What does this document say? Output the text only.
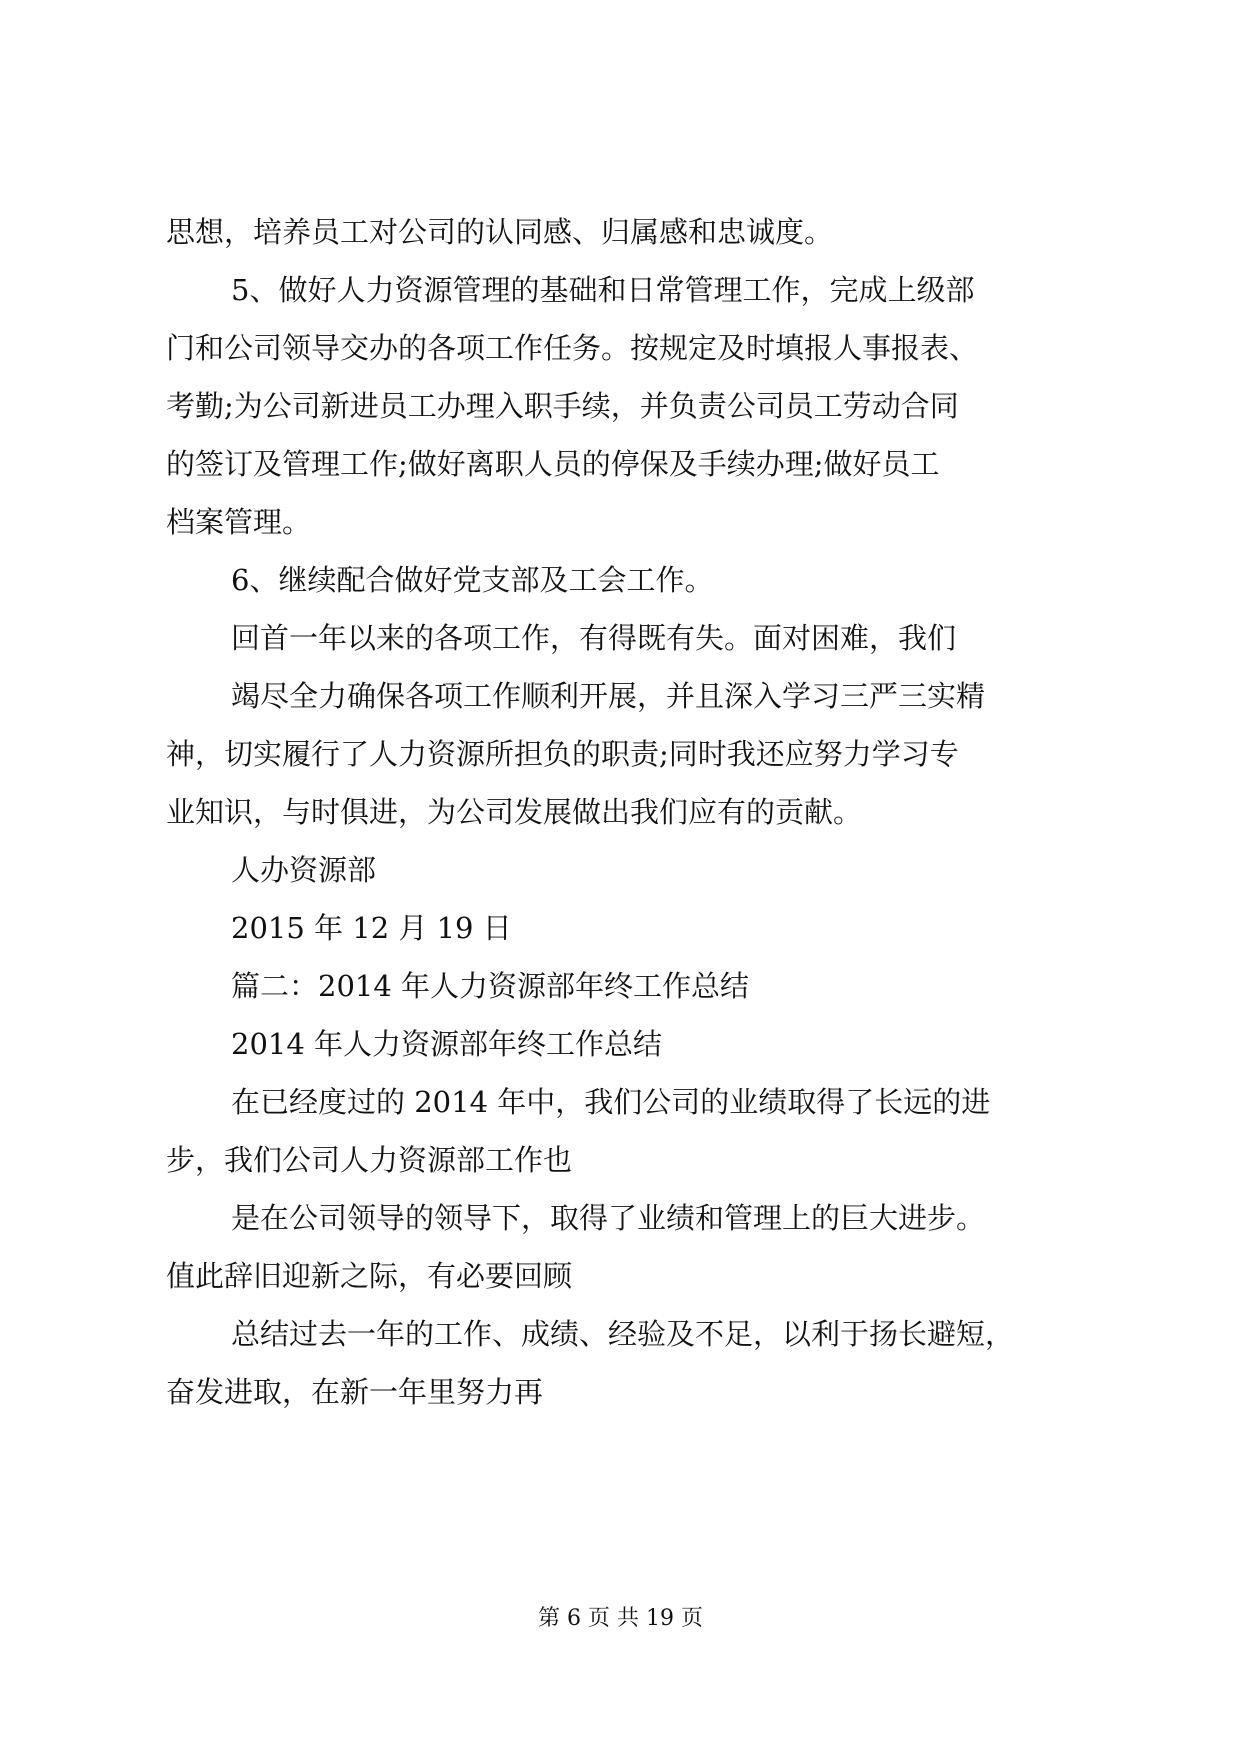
思想，培养员工对公司的认同感、归属感和忠诚度。

5、做好人力资源管理的基础和日常管理工作，完成上级部

门和公司领导交办的各项工作任务。按规定及时填报人事报表、

考勤;为公司新进员工办理入职手续，并负责公司员工劳动合同

的签订及管理工作;做好离职人员的停保及手续办理;做好员工

档案管理。

6、继续配合做好党支部及工会工作。

回首一年以来的各项工作，有得既有失。面对困难，我们

竭尽全力确保各项工作顺利开展，并且深入学习三严三实精

神，切实履行了人力资源所担负的职责;同时我还应努力学习专

业知识，与时俱进，为公司发展做出我们应有的贡献。

人办资源部

2015 年 12 月 19 日

篇二：2014 年人力资源部年终工作总结

2014 年人力资源部年终工作总结

在已经度过的 2014 年中，我们公司的业绩取得了长远的进

步，我们公司人力资源部工作也

是在公司领导的领导下，取得了业绩和管理上的巨大进步。

值此辞旧迎新之际，有必要回顾

总结过去一年的工作、成绩、经验及不足，以利于扬长避短，

奋发进取，在新一年里努力再

第 6 页 共 19 页
